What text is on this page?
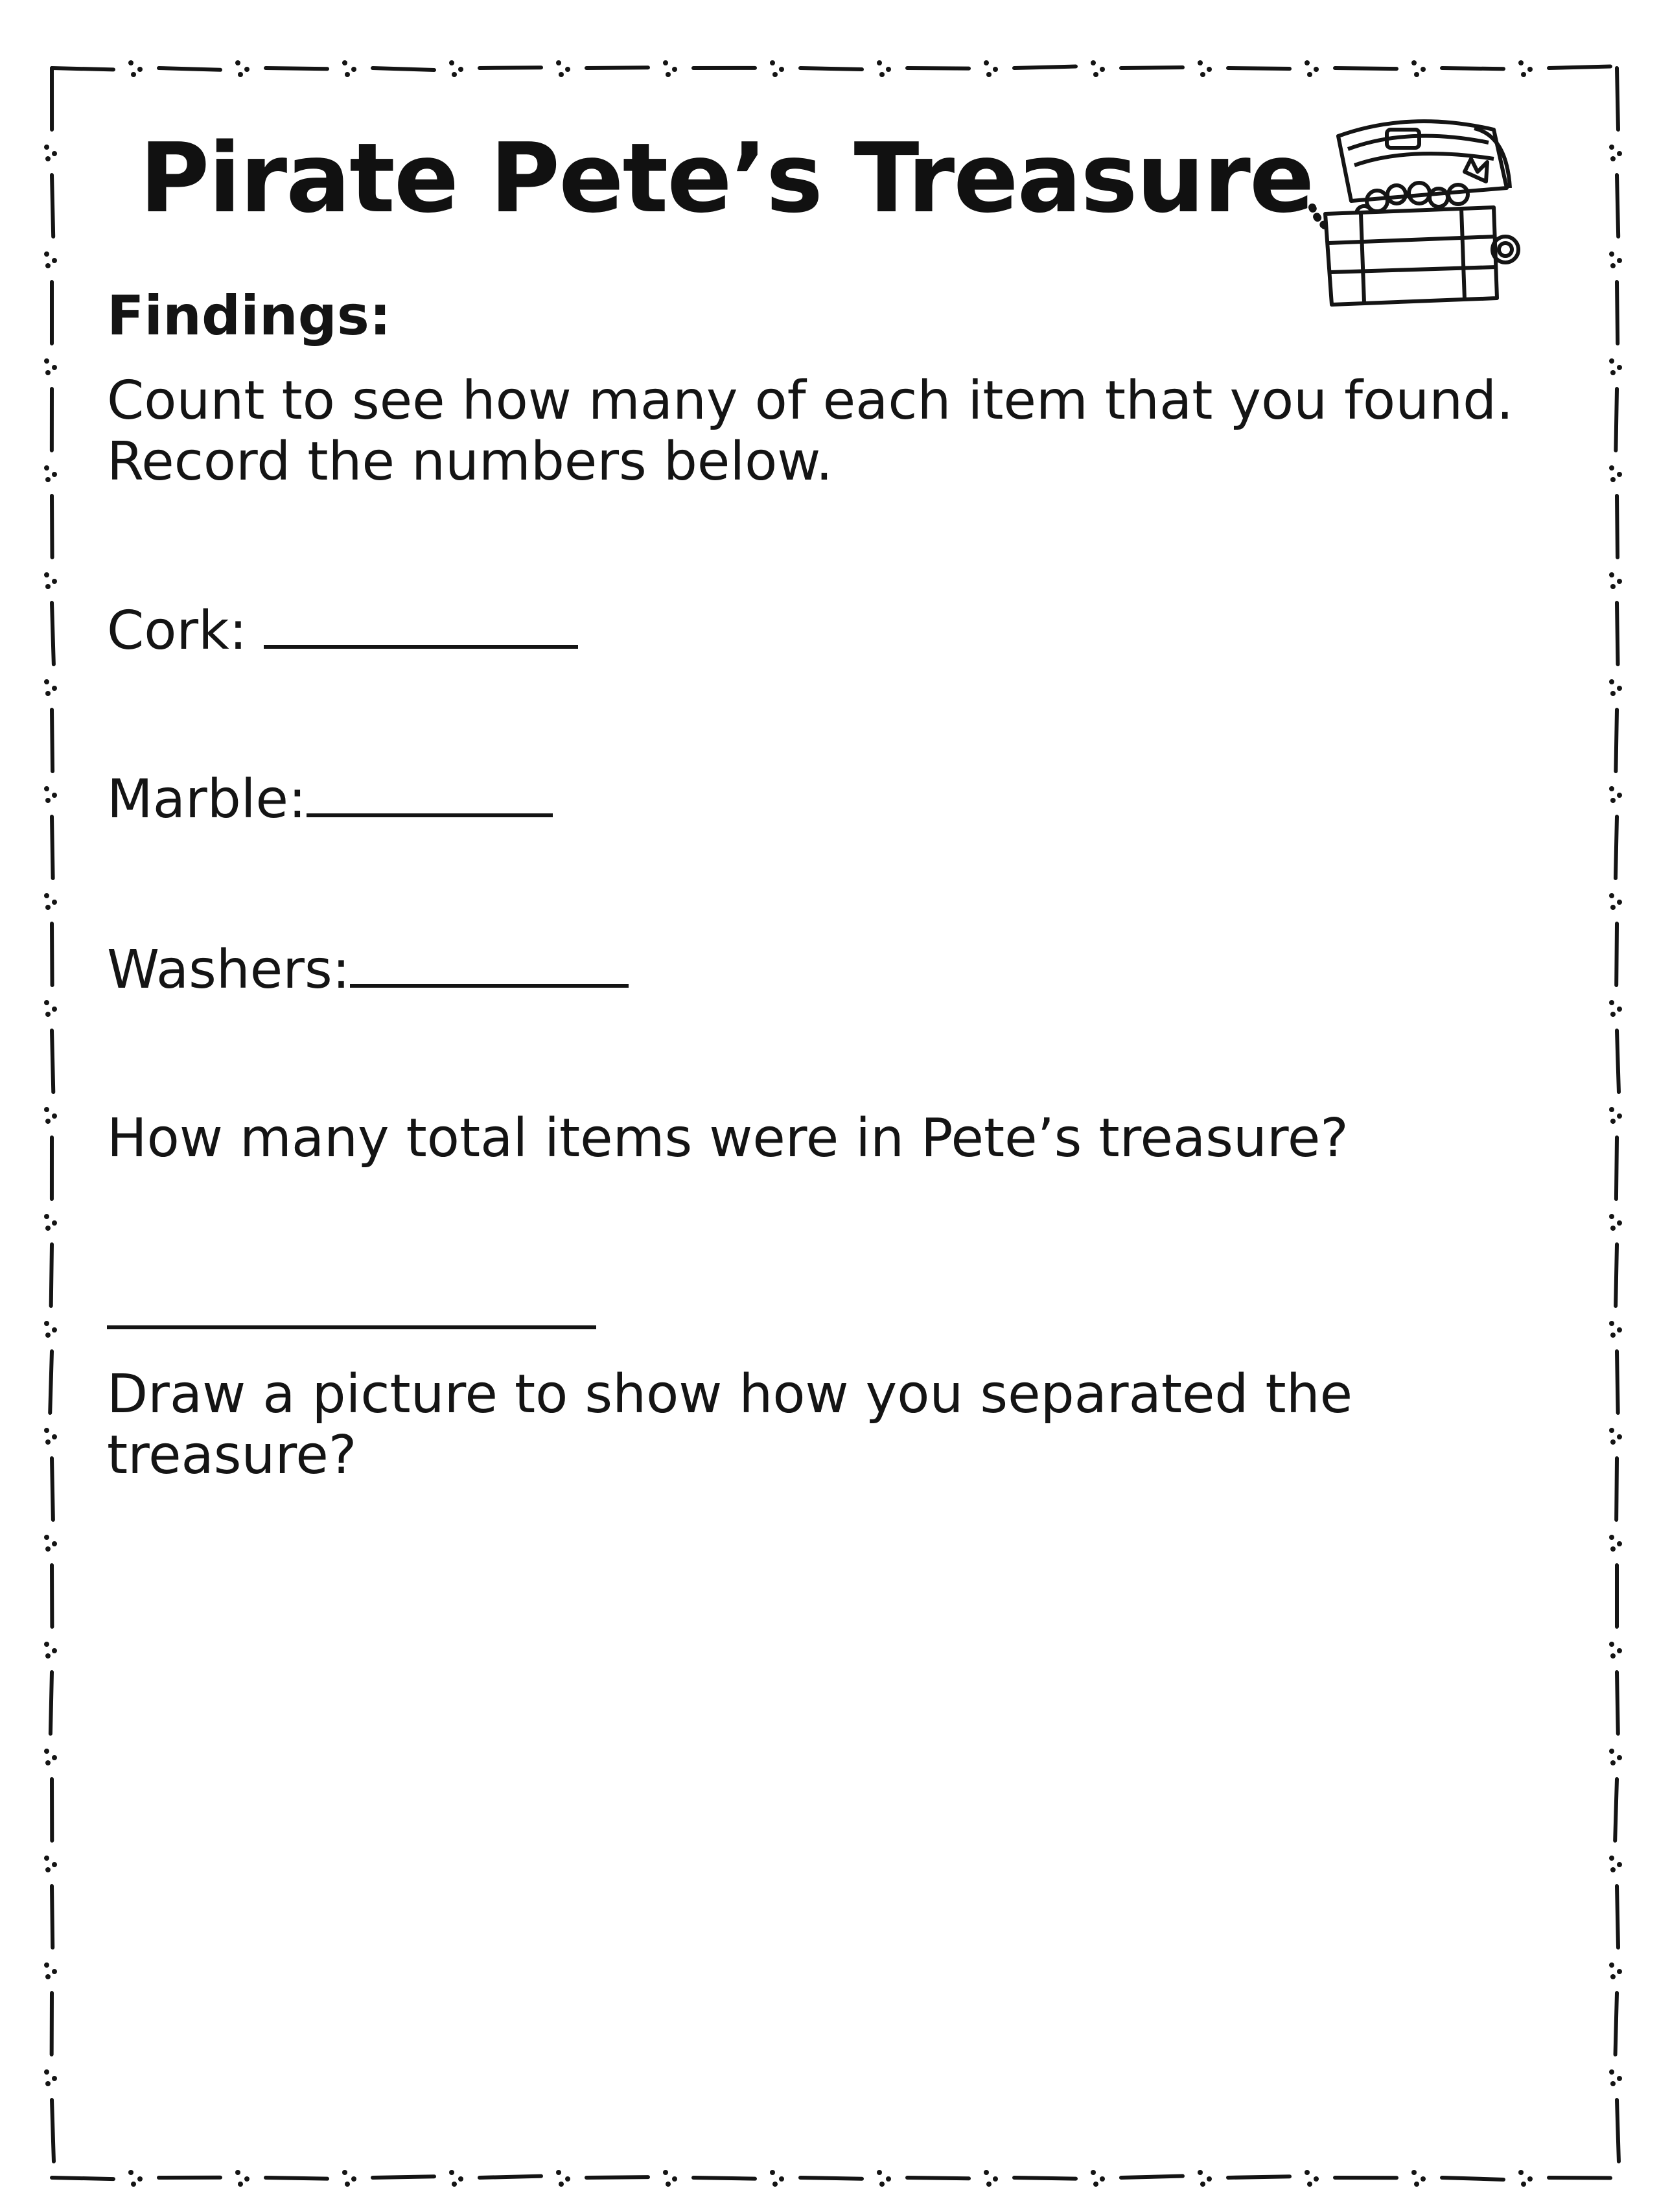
Pirate Pete’s Treasure
Findings:

Count to see how many of each item that you found.

Record the numbers below.

Cork:

Marble:

Washers:

How many total items were in Pete’s treasure?

Draw a picture to show how you separated the

treasure?
